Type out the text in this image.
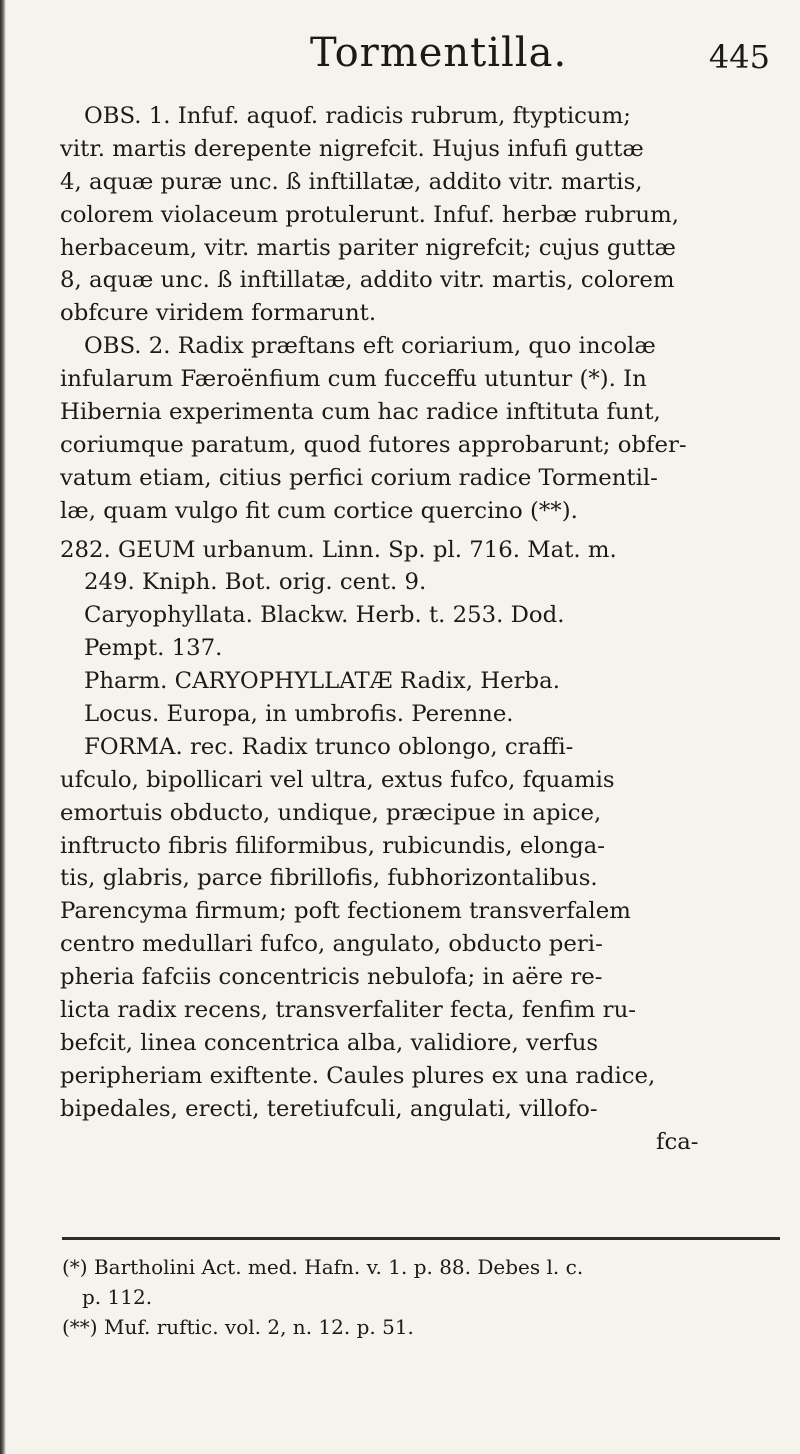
Tormentilla.	445
OBS. 1. Infuf. aquof. radicis rubrum, ftypticum;
vitr. martis derepente nigrefcit. Hujus infufi guttæ
4, aquæ puræ unc. ß inftillatæ, addito vitr. martis,
colorem violaceum protulerunt. Infuf. herbæ rubrum,
herbaceum, vitr. martis pariter nigrefcit; cujus guttæ
8, aquæ unc. ß inftillatæ, addito vitr. martis, colorem
obfcure viridem formarunt.
OBS. 2. Radix præftans eft coriarium, quo incolæ
infularum Færoënfium cum fucceffu utuntur (*). In
Hibernia experimenta cum hac radice inftituta funt,
coriumque paratum, quod futores approbarunt; obfer-
vatum etiam, citius perfici corium radice Tormentil-
læ, quam vulgo fit cum cortice quercino (**).
282. GEUM urbanum. Linn. Sp. pl. 716. Mat. m.
249. Kniph. Bot. orig. cent. 9.
Caryophyllata. Blackw. Herb. t. 253. Dod.
Pempt. 137.
Pharm. CARYOPHYLLATÆ Radix, Herba.
Locus. Europa, in umbrofis. Perenne.
FORMA. rec. Radix trunco oblongo, craffi-
ufculo, bipollicari vel ultra, extus fufco, fquamis
emortuis obducto, undique, præcipue in apice,
inftructo fibris filiformibus, rubicundis, elonga-
tis, glabris, parce fibrillofis, fubhorizontalibus.
Parencyma firmum; poft fectionem transverfalem
centro medullari fufco, angulato, obducto peri-
pheria fafciis concentricis nebulofa; in aëre re-
licta radix recens, transverfaliter fecta, fenfim ru-
befcit, linea concentrica alba, validiore, verfus
peripheriam exiftente. Caules plures ex una radice,
bipedales, erecti, teretiufculi, angulati, villofo-
fca-
(*) Bartholini Act. med. Hafn. v. 1. p. 88. Debes l. c.
p. 112.
(**) Muf. ruftic. vol. 2, n. 12. p. 51.
